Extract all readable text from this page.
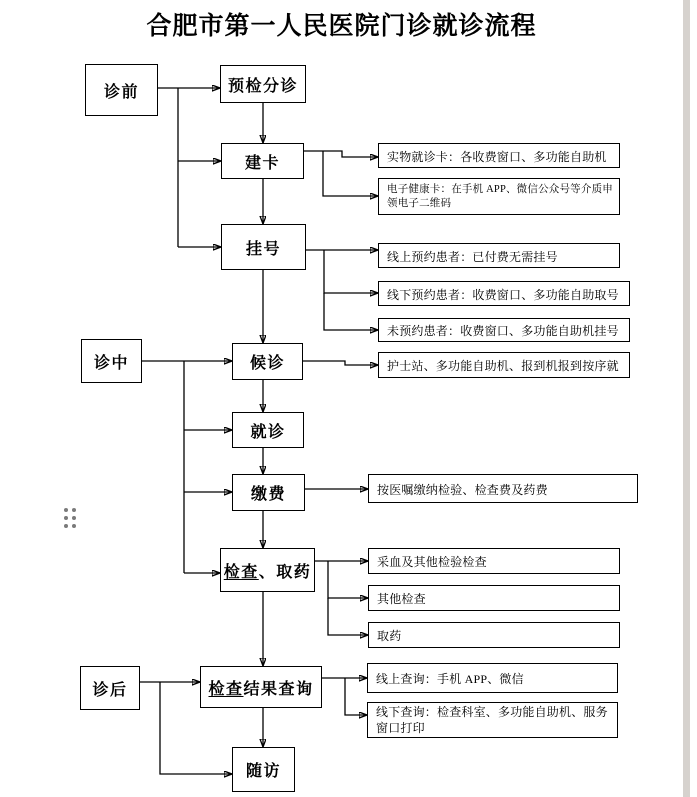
合肥市第一人民医院门诊就诊流程
诊前
诊中
诊后
预检分诊
建卡
挂号
候诊
就诊
缴费
检查 、取药
检查 结果查询
随访
实物就诊卡：各收费窗口、多功能自助机
电子健康卡：在手机 APP、微信公众号等介质申领电子二维码
线上预约患者：已付费无需挂号
线下预约患者：收费窗口、多功能自助取号
未预约患者：收费窗口、多功能自助机挂号
护士站、多功能自助机、报到机报到按序就
按医嘱缴纳检验、检查费及药费
采血及其他检验检查
其他检查
取药
线上查询：手机 APP、微信
线下查询：检查科室、多功能自助机、服务窗口打印
